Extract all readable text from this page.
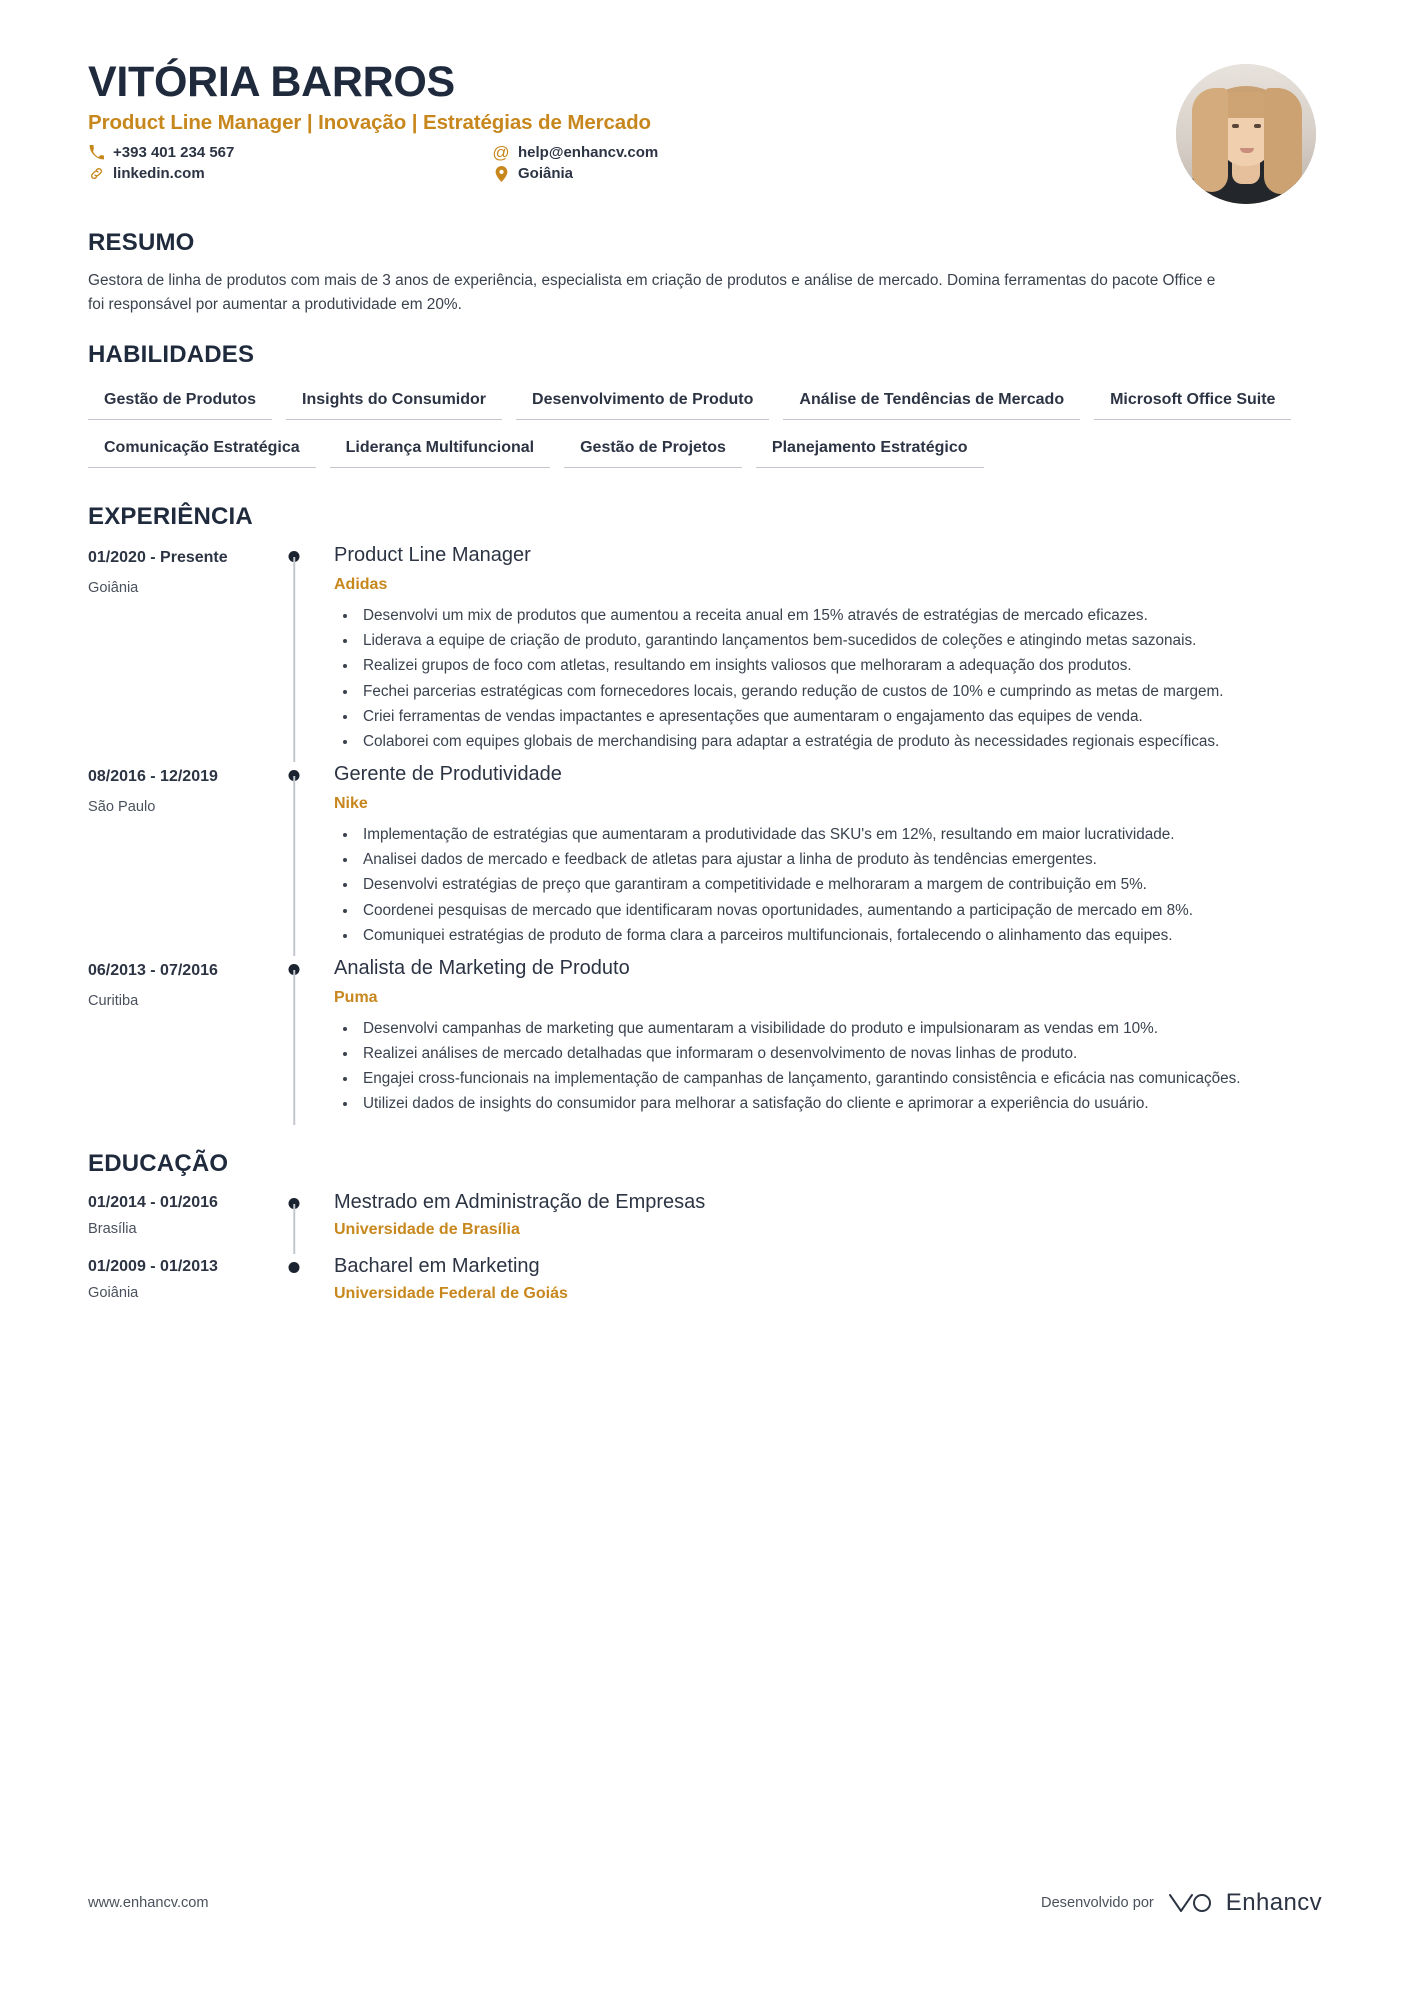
VITÓRIA BARROS
Product Line Manager | Inovação | Estratégias de Mercado
+393 401 234 567
linkedin.com
@ help@enhancv.com
Goiânia
RESUMO
Gestora de linha de produtos com mais de 3 anos de experiência, especialista em criação de produtos e análise de mercado. Domina ferramentas do pacote Office e foi responsável por aumentar a produtividade em 20%.
HABILIDADES
Gestão de Produtos	Insights do Consumidor	Desenvolvimento de Produto	Análise de Tendências de Mercado	Microsoft Office Suite
Comunicação Estratégica	Liderança Multifuncional	Gestão de Projetos	Planejamento Estratégico
EXPERIÊNCIA
01/2020 - Presente
Goiânia
Product Line Manager
Adidas
• Desenvolvi um mix de produtos que aumentou a receita anual em 15% através de estratégias de mercado eficazes.
• Liderava a equipe de criação de produto, garantindo lançamentos bem-sucedidos de coleções e atingindo metas sazonais.
• Realizei grupos de foco com atletas, resultando em insights valiosos que melhoraram a adequação dos produtos.
• Fechei parcerias estratégicas com fornecedores locais, gerando redução de custos de 10% e cumprindo as metas de margem.
• Criei ferramentas de vendas impactantes e apresentações que aumentaram o engajamento das equipes de venda.
• Colaborei com equipes globais de merchandising para adaptar a estratégia de produto às necessidades regionais específicas.
08/2016 - 12/2019
São Paulo
Gerente de Produtividade
Nike
• Implementação de estratégias que aumentaram a produtividade das SKU's em 12%, resultando em maior lucratividade.
• Analisei dados de mercado e feedback de atletas para ajustar a linha de produto às tendências emergentes.
• Desenvolvi estratégias de preço que garantiram a competitividade e melhoraram a margem de contribuição em 5%.
• Coordenei pesquisas de mercado que identificaram novas oportunidades, aumentando a participação de mercado em 8%.
• Comuniquei estratégias de produto de forma clara a parceiros multifuncionais, fortalecendo o alinhamento das equipes.
06/2013 - 07/2016
Curitiba
Analista de Marketing de Produto
Puma
• Desenvolvi campanhas de marketing que aumentaram a visibilidade do produto e impulsionaram as vendas em 10%.
• Realizei análises de mercado detalhadas que informaram o desenvolvimento de novas linhas de produto.
• Engajei cross-funcionais na implementação de campanhas de lançamento, garantindo consistência e eficácia nas comunicações.
• Utilizei dados de insights do consumidor para melhorar a satisfação do cliente e aprimorar a experiência do usuário.
EDUCAÇÃO
01/2014 - 01/2016
Brasília
Mestrado em Administração de Empresas
Universidade de Brasília
01/2009 - 01/2013
Goiânia
Bacharel em Marketing
Universidade Federal de Goiás
www.enhancv.com	Desenvolvido por	Enhancv
